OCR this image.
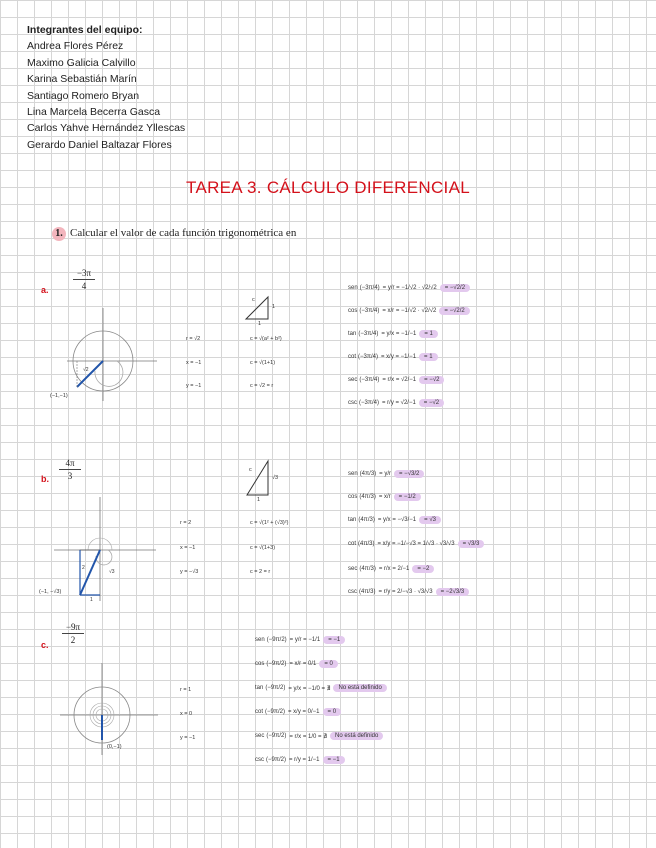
Integrantes del equipo:
Andrea Flores Pérez
Maximo Galicia Calvillo
Karina Sebastián Marín
Santiago Romero Bryan
Lina Marcela Becerra Gasca
Carlos Yahve Hernández Yllescas
Gerardo Daniel Baltazar Flores
TAREA 3. CÁLCULO DIFERENCIAL
1. Calcular el valor de cada función trigonométrica en
a.
−3π
4
√2
(−1,−1)
c
1
1
r = √2
x = −1
y = −1
c = √(a² + b²)
c = √(1+1)
c = √2 = r
sen (−3π/4) = y/r = −1/√2 · √2/√2	= −√2/2
cos (−3π/4) = x/r = −1/√2 · √2/√2	= −√2/2
tan (−3π/4) = y/x = −1/−1	= 1
cot (−3π/4) = x/y = −1/−1	= 1
sec (−3π/4) = r/x = √2/−1	= −√2
csc (−3π/4) = r/y = √2/−1	= −√2
b.
4π
3
2
√3
1
(−1, −√3)
c
√3
1
r = 2
x = −1
y = −√3
c = √(1² + (√3)²)
c = √(1+3)
c = 2 = r
sen (4π/3) = y/r	= −√3/2
cos (4π/3) = x/r	= −1/2
tan (4π/3) = y/x = −√3/−1	= √3
cot (4π/3) = x/y = −1/−√3 = 1/√3 · √3/√3	= √3/3
sec (4π/3) = r/x = 2/−1	= −2
csc (4π/3) = r/y = 2/−√3 · √3/√3	= −2√3/3
c.
−9π
2
(0,−1)
r = 1
x = 0
y = −1
sen (−9π/2) = y/r = −1/1	= −1
cos (−9π/2) = x/r = 0/1	= 0
tan (−9π/2) = y/x = −1/0 = ∄	No está definido
cot (−9π/2) = x/y = 0/−1	= 0
sec (−9π/2) = r/x = 1/0 = ∄	No está definido
csc (−9π/2) = r/y = 1/−1	= −1
